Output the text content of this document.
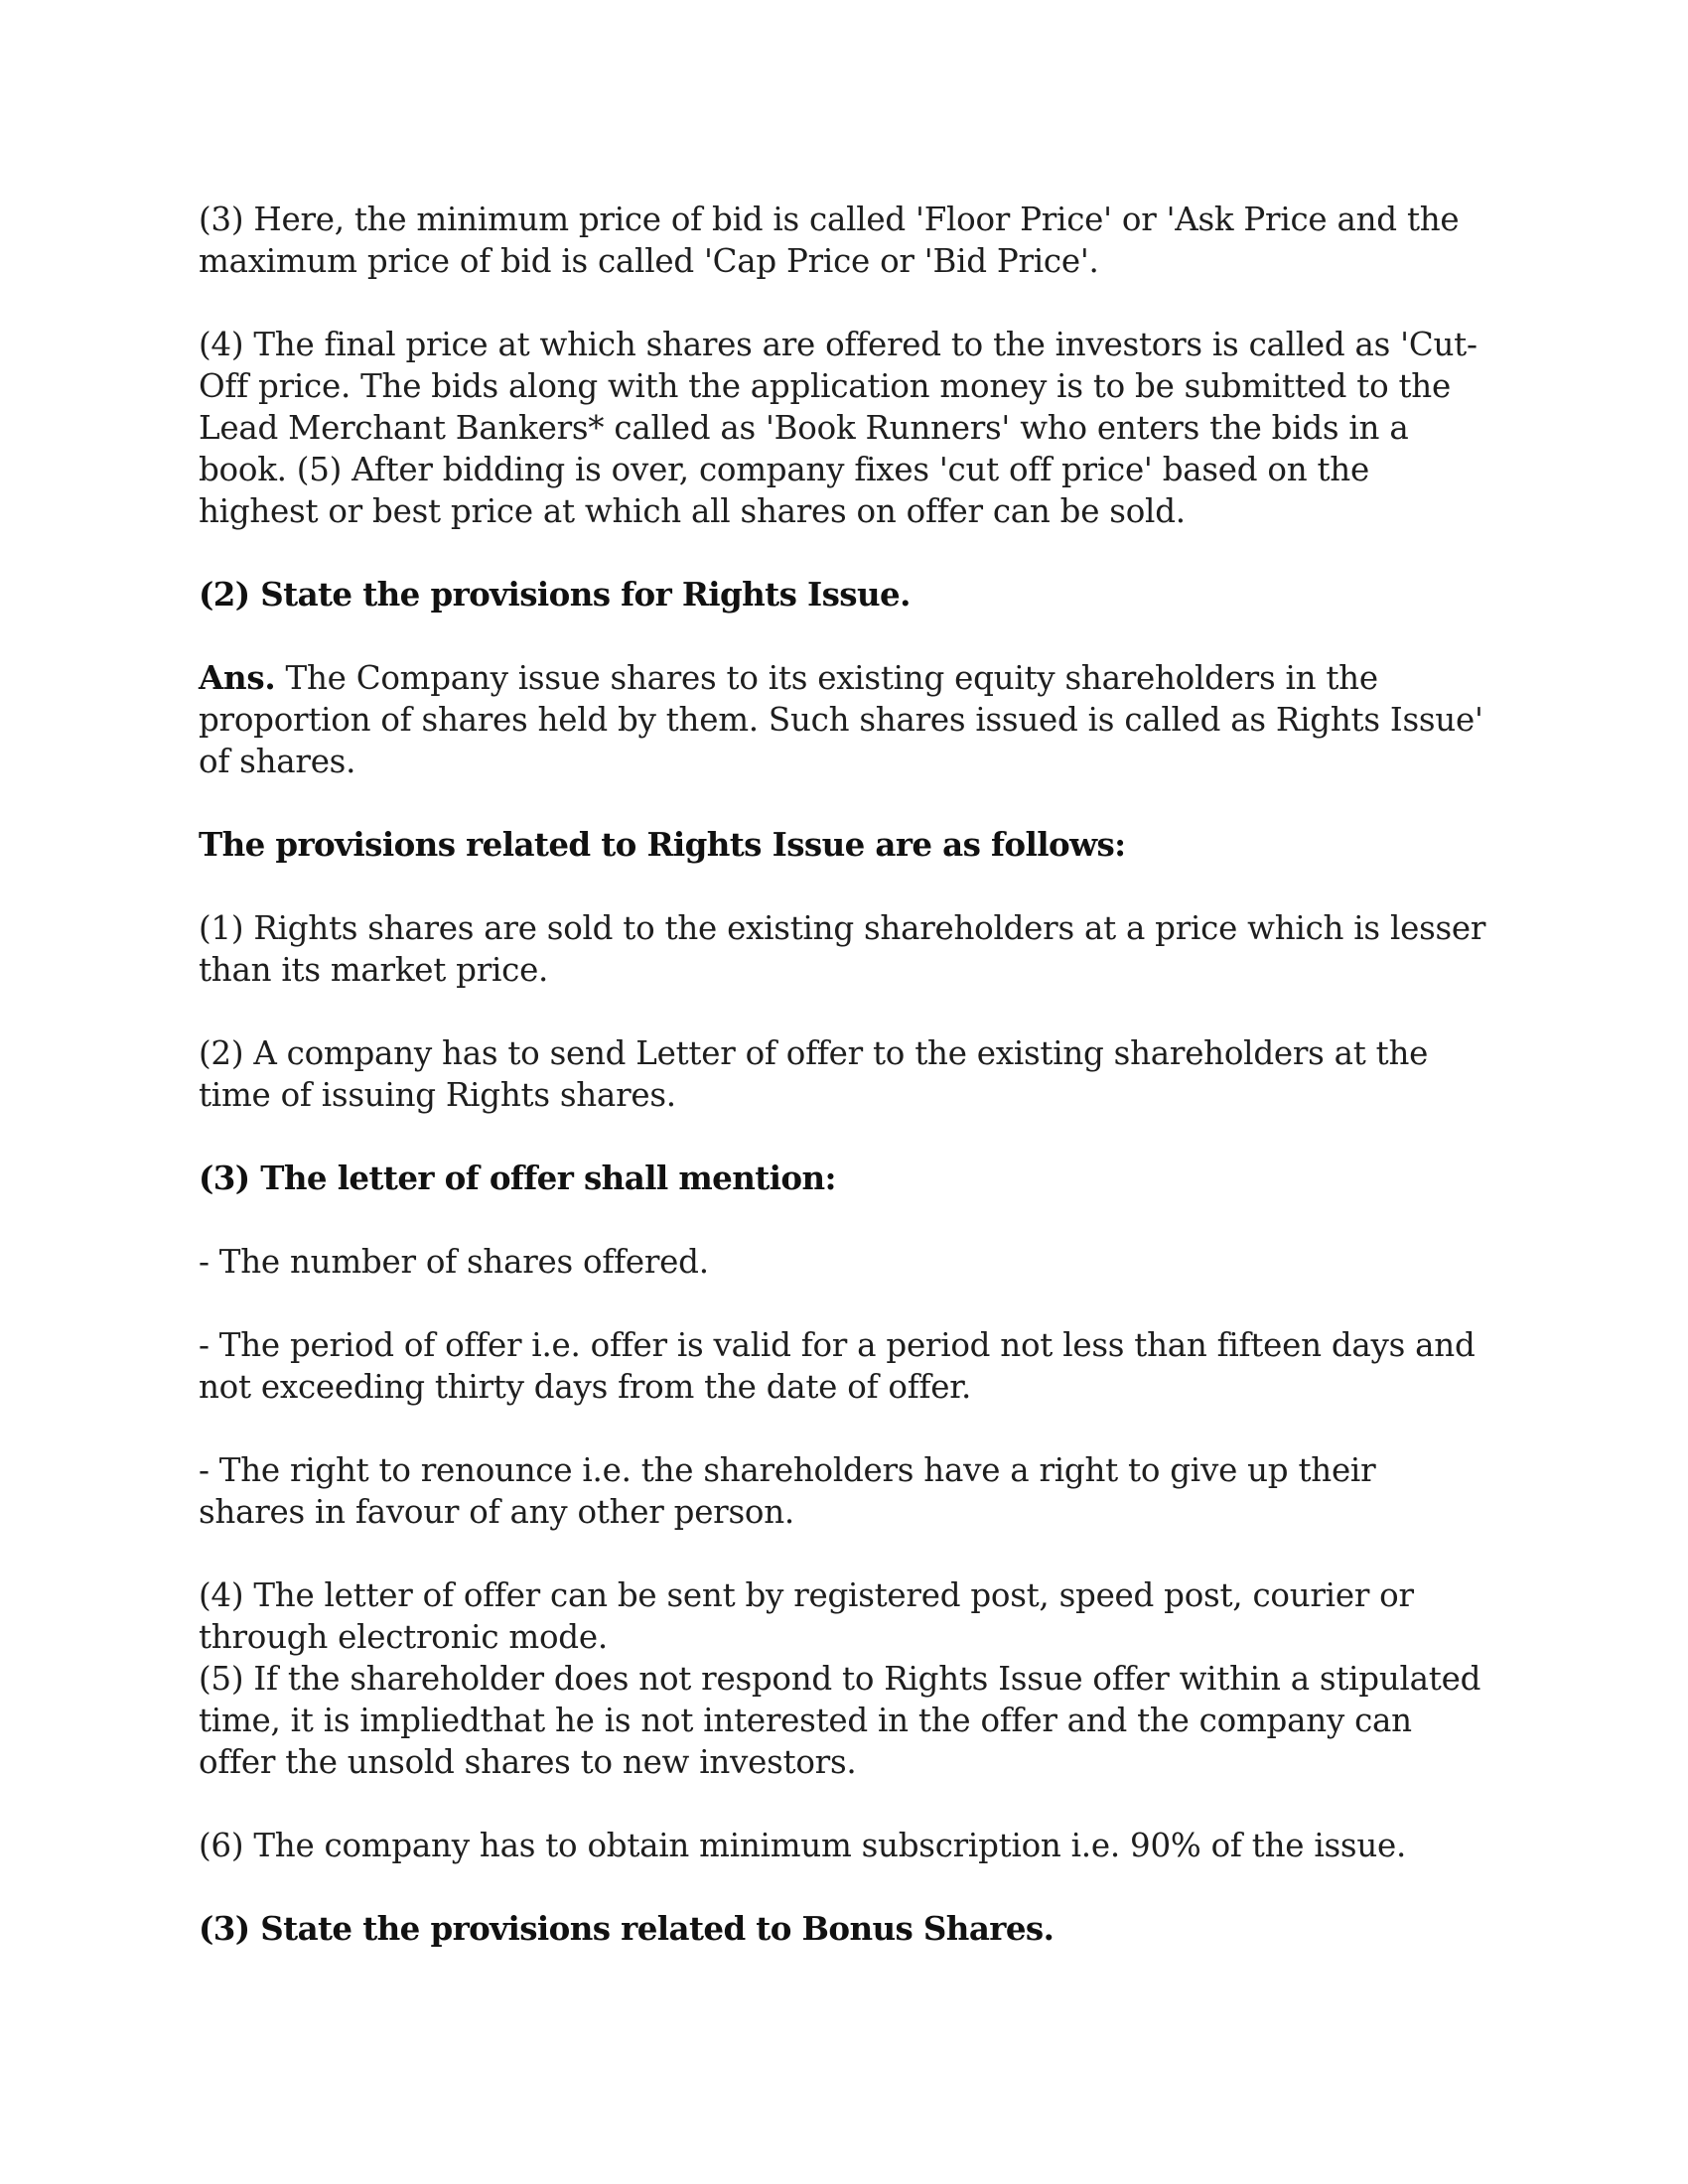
(3) Here, the minimum price of bid is called 'Floor Price' or 'Ask Price and the maximum price of bid is called 'Cap Price or 'Bid Price'.

(4) The final price at which shares are offered to the investors is called as 'Cut-Off price. The bids along with the application money is to be submitted to the Lead Merchant Bankers* called as 'Book Runners' who enters the bids in a book. (5) After bidding is over, company fixes 'cut off price' based on the highest or best price at which all shares on offer can be sold.

(2) State the provisions for Rights Issue.

Ans. The Company issue shares to its existing equity shareholders in the proportion of shares held by them. Such shares issued is called as Rights Issue' of shares.

The provisions related to Rights Issue are as follows:

(1) Rights shares are sold to the existing shareholders at a price which is lesser than its market price.

(2) A company has to send Letter of offer to the existing shareholders at the time of issuing Rights shares.

(3) The letter of offer shall mention:

- The number of shares offered.

- The period of offer i.e. offer is valid for a period not less than fifteen days and not exceeding thirty days from the date of offer.

- The right to renounce i.e. the shareholders have a right to give up their shares in favour of any other person.

(4) The letter of offer can be sent by registered post, speed post, courier or through electronic mode.

(5) If the shareholder does not respond to Rights Issue offer within a stipulated time, it is impliedthat he is not interested in the offer and the company can offer the unsold shares to new investors.

(6) The company has to obtain minimum subscription i.e. 90% of the issue.

(3) State the provisions related to Bonus Shares.
